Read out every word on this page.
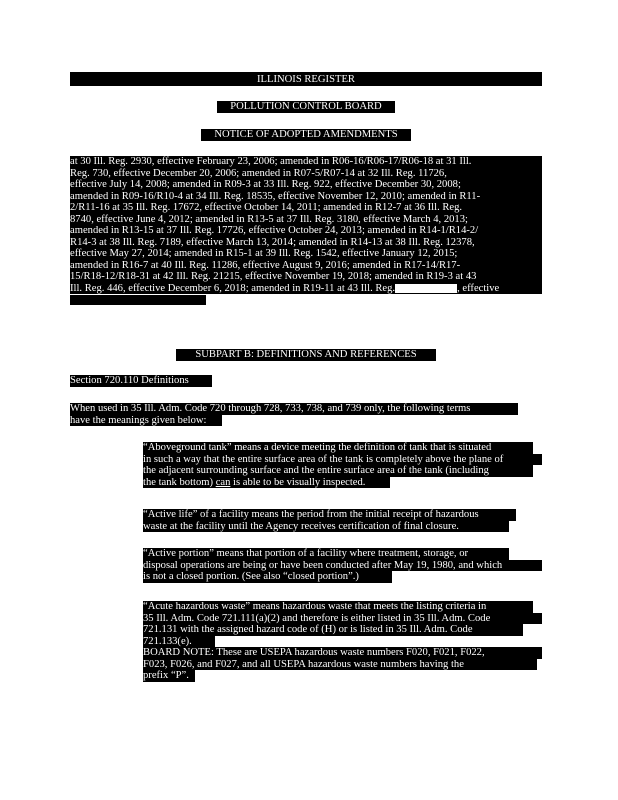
ILLINOIS REGISTER
POLLUTION CONTROL BOARD
NOTICE OF ADOPTED AMENDMENTS
at 30 Ill. Reg. 2930, effective February 23, 2006; amended in R06-16/R06-17/R06-18 at 31 Ill.
Reg. 730, effective December 20, 2006; amended in R07-5/R07-14 at 32 Ill. Reg. 11726,
effective July 14, 2008; amended in R09-3 at 33 Ill. Reg. 922, effective December 30, 2008;
amended in R09-16/R10-4 at 34 Ill. Reg. 18535, effective November 12, 2010; amended in R11-
2/R11-16 at 35 Ill. Reg. 17672, effective October 14, 2011; amended in R12-7 at 36 Ill. Reg.
8740, effective June 4, 2012; amended in R13-5 at 37 Ill. Reg. 3180, effective March 4, 2013;
amended in R13-15 at 37 Ill. Reg. 17726, effective October 24, 2013; amended in R14-1/R14-2/
R14-3 at 38 Ill. Reg. 7189, effective March 13, 2014; amended in R14-13 at 38 Ill. Reg. 12378,
effective May 27, 2014; amended in R15-1 at 39 Ill. Reg. 1542, effective January 12, 2015;
amended in R16-7 at 40 Ill. Reg. 11286, effective August 9, 2016; amended in R17-14/R17-
15/R18-12/R18-31 at 42 Ill. Reg. 21215, effective November 19, 2018; amended in R19-3 at 43
Ill. Reg. 446, effective December 6, 2018; amended in R19-11 at 43 Ill. Reg.	, effective
SUBPART B: DEFINITIONS AND REFERENCES
Section 720.110 Definitions
When used in 35 Ill. Adm. Code 720 through 728, 733, 738, and 739 only, the following terms
have the meanings given below:
“Aboveground tank” means a device meeting the definition of tank that is situated
in such a way that the entire surface area of the tank is completely above the plane of
the adjacent surrounding surface and the entire surface area of the tank (including
the tank bottom) can is able to be visually inspected.
“Active life” of a facility means the period from the initial receipt of hazardous
waste at the facility until the Agency receives certification of final closure.
“Active portion” means that portion of a facility where treatment, storage, or
disposal operations are being or have been conducted after May 19, 1980, and which
is not a closed portion. (See also “closed portion”.)
“Acute hazardous waste” means hazardous waste that meets the listing criteria in
35 Ill. Adm. Code 721.111(a)(2) and therefore is either listed in 35 Ill. Adm. Code
721.131 with the assigned hazard code of (H) or is listed in 35 Ill. Adm. Code
721.133(e).
BOARD NOTE: These are USEPA hazardous waste numbers F020, F021, F022,
F023, F026, and F027, and all USEPA hazardous waste numbers having the
prefix “P”.
